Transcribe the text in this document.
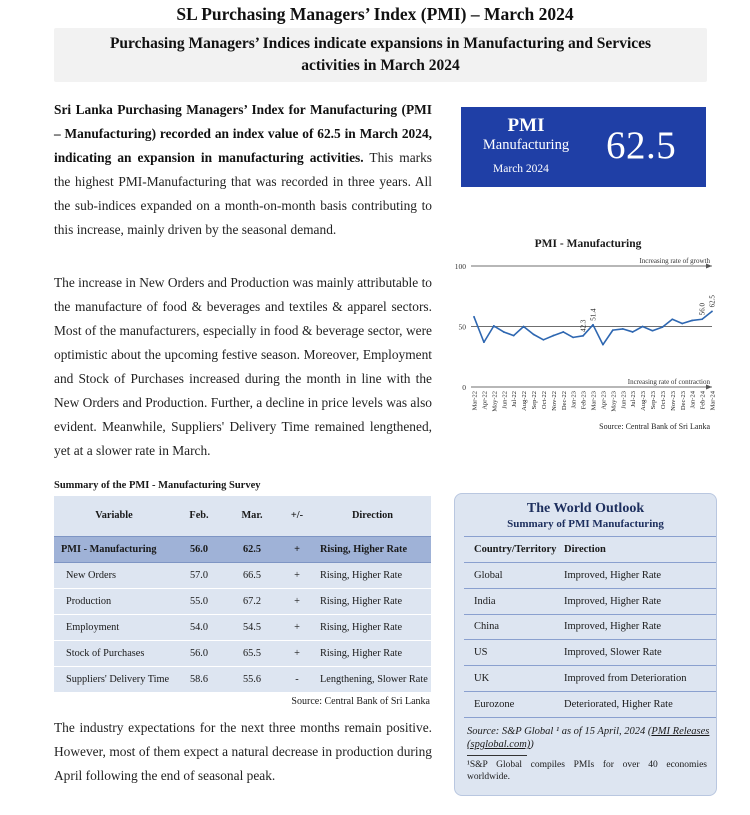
SL Purchasing Managers’ Index (PMI) – March 2024
Purchasing Managers’ Indices indicate expansions in Manufacturing and Services
activities in March 2024
Sri Lanka Purchasing Managers’ Index for Manufacturing (PMI – Manufacturing) recorded an index value of 62.5 in March 2024, indicating an expansion in manufacturing activities. This marks the highest PMI-Manufacturing that was recorded in three years. All the sub-indices expanded on a month-on-month basis contributing to this increase, mainly driven by the seasonal demand.
The increase in New Orders and Production was mainly attributable to the manufacture of food & beverages and textiles & apparel sectors. Most of the manufacturers, especially in food & beverage sector, were optimistic about the upcoming festive season. Moreover, Employment and Stock of Purchases increased during the month in line with the New Orders and Production. Further, a decline in price levels was also evident. Meanwhile, Suppliers' Delivery Time remained lengthened, yet at a slower rate in March.
PMI
Manufacturing
March 2024
62.5
PMI - Manufacturing
0
50
100
Increasing rate of growth
Increasing rate of contraction
42.3
51.4	56.0
62.5
Mar-22 Apr-22 May-22 Jun-22 Jul-22 Aug-22 Sep-22 Oct-22 Nov-22 Dec-22 Jan-23 Feb-23 Mar-23 Apr-23 May-23 Jun-23 Jul-23 Aug-23 Sep-23 Oct-23 Nov-23 Dec-23 Jan-24 Feb-24 Mar-24
Source: Central Bank of Sri Lanka
Summary of the PMI - Manufacturing Survey
Variable	Feb.	Mar.	+/-	Direction
PMI - Manufacturing	56.0	62.5	+	Rising, Higher Rate
New Orders	57.0	66.5	+	Rising, Higher Rate
Production	55.0	67.2	+	Rising, Higher Rate
Employment	54.0	54.5	+	Rising, Higher Rate
Stock of Purchases	56.0	65.5	+	Rising, Higher Rate
Suppliers' Delivery Time	58.6	55.6	-	Lengthening, Slower Rate
Source: Central Bank of Sri Lanka
The industry expectations for the next three months remain positive. However, most of them expect a natural decrease in production during April following the end of seasonal peak.
The World Outlook
Summary of PMI Manufacturing
Country/Territory	Direction
Global	Improved, Higher Rate
India	Improved, Higher Rate
China	Improved, Higher Rate
US	Improved, Slower Rate
UK	Improved from Deterioration
Eurozone	Deteriorated, Higher Rate
Source: S&P Global ¹ as of 15 April, 2024 (PMI Releases (spglobal.com))
¹S&P Global compiles PMIs for over 40 economies worldwide.
